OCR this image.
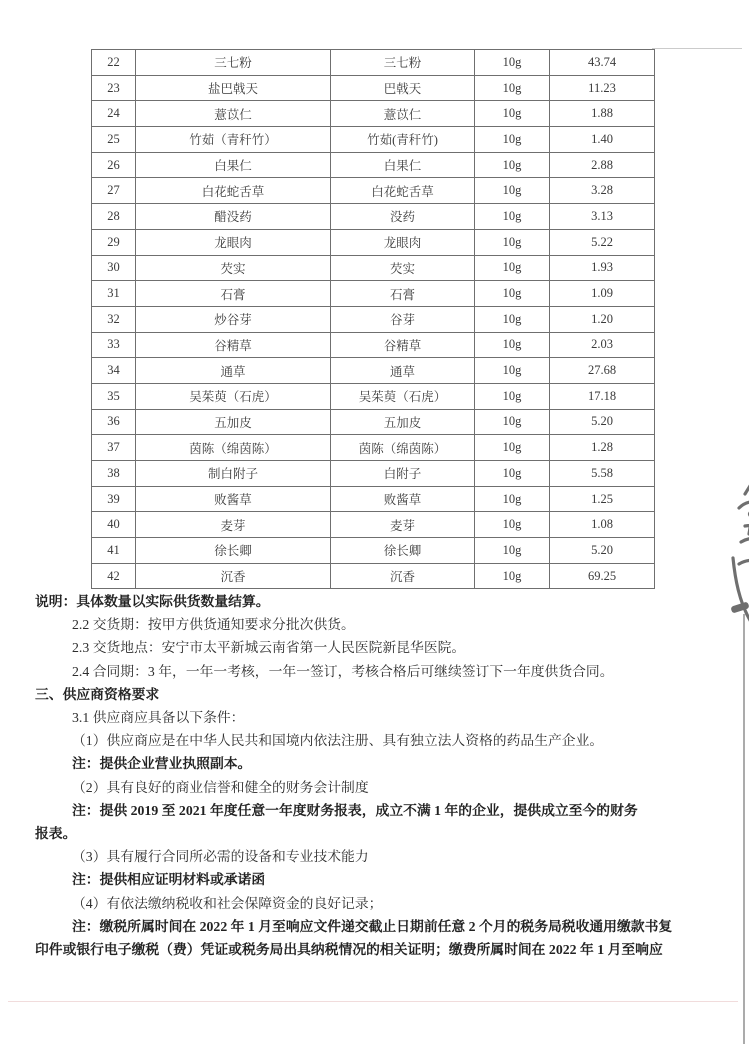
22	三七粉	三七粉	10g	43.74
23	盐巴戟天	巴戟天	10g	11.23
24	薏苡仁	薏苡仁	10g	1.88
25	竹茹（青秆竹）	竹茹(青秆竹)	10g	1.40
26	白果仁	白果仁	10g	2.88
27	白花蛇舌草	白花蛇舌草	10g	3.28
28	醋没药	没药	10g	3.13
29	龙眼肉	龙眼肉	10g	5.22
30	芡实	芡实	10g	1.93
31	石膏	石膏	10g	1.09
32	炒谷芽	谷芽	10g	1.20
33	谷精草	谷精草	10g	2.03
34	通草	通草	10g	27.68
35	吴茱萸（石虎）	吴茱萸（石虎）	10g	17.18
36	五加皮	五加皮	10g	5.20
37	茵陈（绵茵陈）	茵陈（绵茵陈）	10g	1.28
38	制白附子	白附子	10g	5.58
39	败酱草	败酱草	10g	1.25
40	麦芽	麦芽	10g	1.08
41	徐长卿	徐长卿	10g	5.20
42	沉香	沉香	10g	69.25
说明：具体数量以实际供货数量结算。
2.2 交货期：按甲方供货通知要求分批次供货。
2.3 交货地点：安宁市太平新城云南省第一人民医院新昆华医院。
2.4 合同期：3 年，一年一考核，一年一签订，考核合格后可继续签订下一年度供货合同。
三、供应商资格要求
3.1 供应商应具备以下条件：
（1）供应商应是在中华人民共和国境内依法注册、具有独立法人资格的药品生产企业。
注：提供企业营业执照副本。
（2）具有良好的商业信誉和健全的财务会计制度
注：提供 2019 至 2021 年度任意一年度财务报表，成立不满 1 年的企业，提供成立至今的财务
报表。
（3）具有履行合同所必需的设备和专业技术能力
注：提供相应证明材料或承诺函
（4）有依法缴纳税收和社会保障资金的良好记录；
注：缴税所属时间在 2022 年 1 月至响应文件递交截止日期前任意 2 个月的税务局税收通用缴款书复
印件或银行电子缴税（费）凭证或税务局出具纳税情况的相关证明；缴费所属时间在 2022 年 1 月至响应
